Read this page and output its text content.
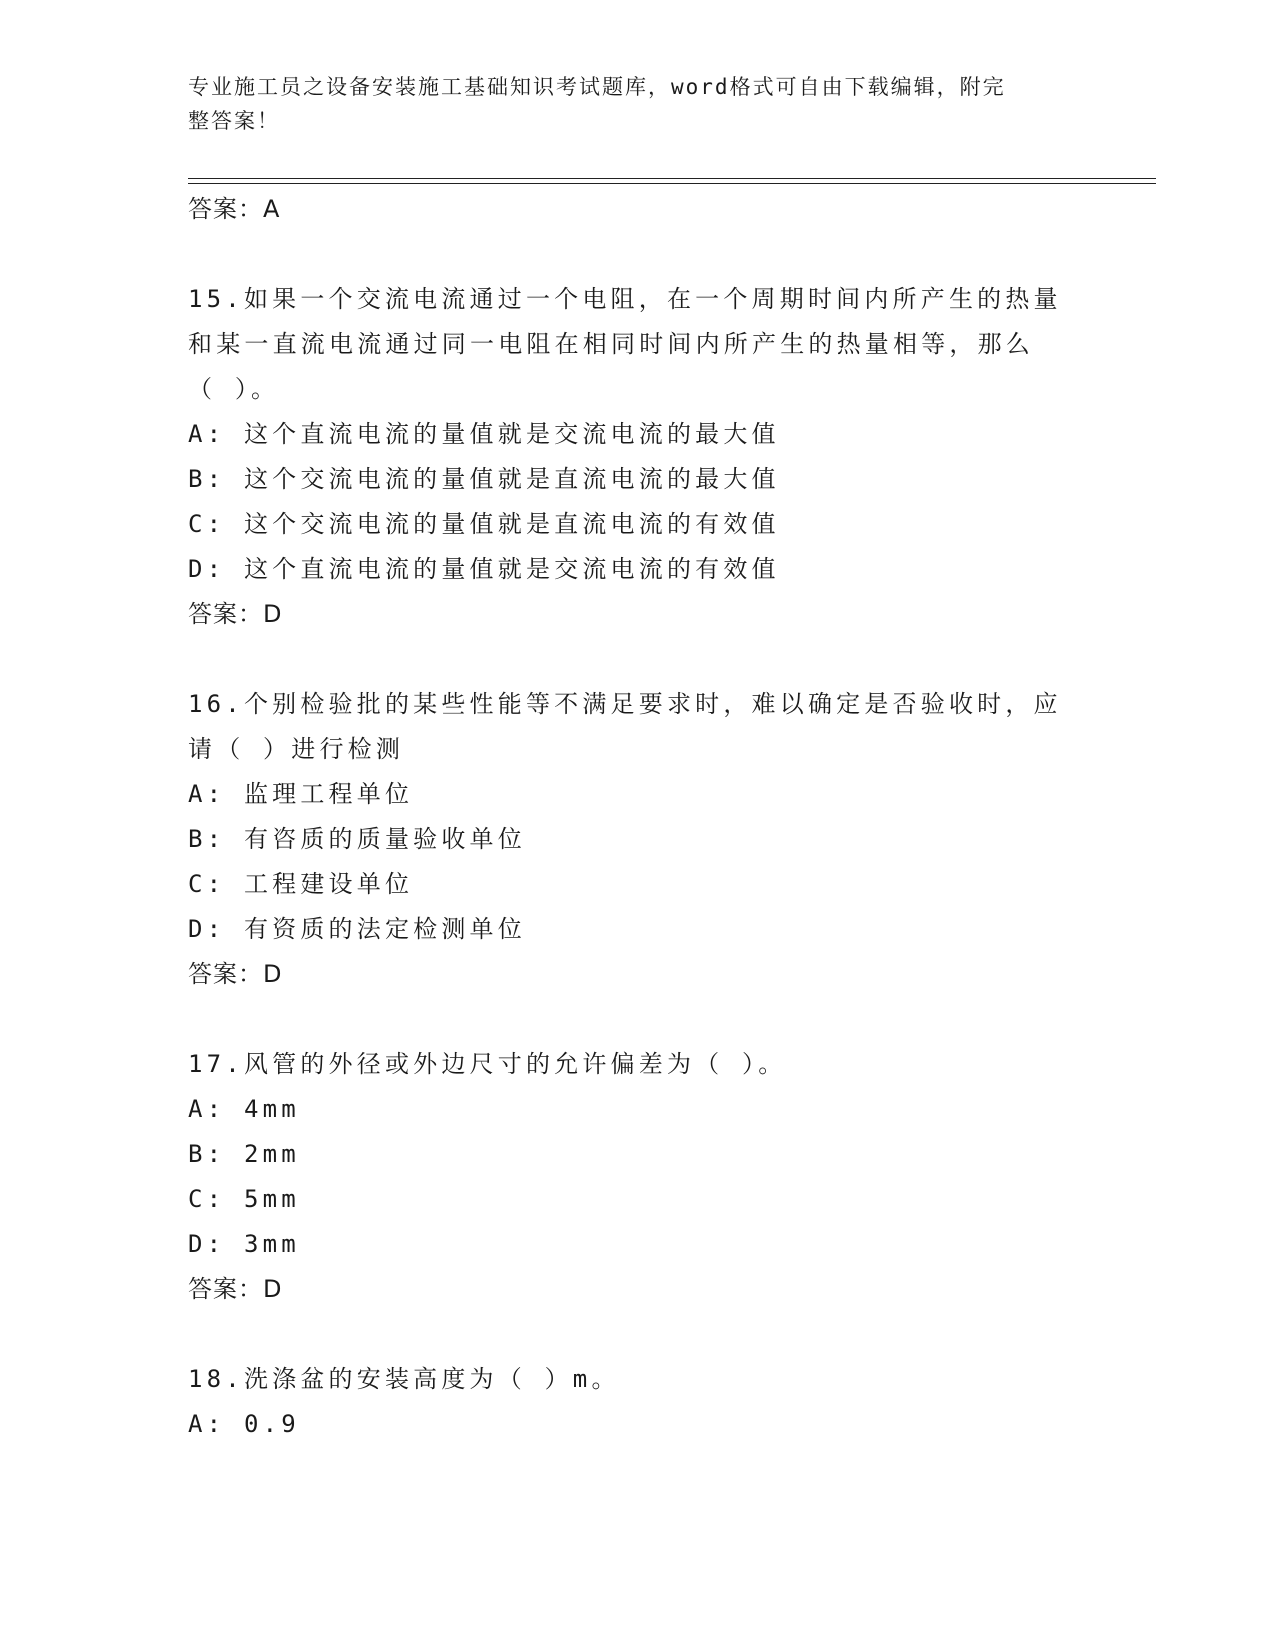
专业施工员之设备安装施工基础知识考试题库，word格式可自由下载编辑，附完
整答案！
答案：A

15.如果一个交流电流通过一个电阻，在一个周期时间内所产生的热量

和某一直流电流通过同一电阻在相同时间内所产生的热量相等，那么

（ ）。

A: 这个直流电流的量值就是交流电流的最大值

B: 这个交流电流的量值就是直流电流的最大值

C: 这个交流电流的量值就是直流电流的有效值

D: 这个直流电流的量值就是交流电流的有效值

答案：D

16.个别检验批的某些性能等不满足要求时，难以确定是否验收时，应

请（ ）进行检测

A: 监理工程单位

B: 有咨质的质量验收单位

C: 工程建设单位

D: 有资质的法定检测单位

答案：D

17.风管的外径或外边尺寸的允许偏差为（ ）。

A: 4mm

B: 2mm

C: 5mm

D: 3mm

答案：D

18.洗涤盆的安装高度为（ ）m。

A: 0.9
